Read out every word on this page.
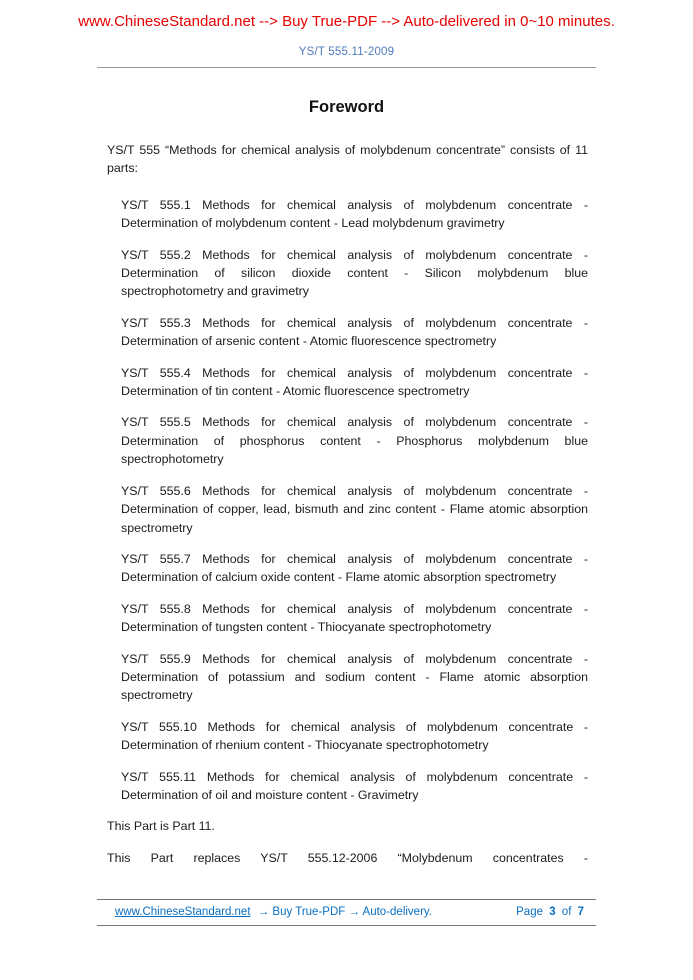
www.ChineseStandard.net --> Buy True-PDF --> Auto-delivered in 0~10 minutes.
YS/T 555.11-2009
Foreword

YS/T 555 “Methods for chemical analysis of molybdenum concentrate” consists of 11 parts:

YS/T 555.1 Methods for chemical analysis of molybdenum concentrate - Determination of molybdenum content - Lead molybdenum gravimetry

YS/T 555.2 Methods for chemical analysis of molybdenum concentrate - Determination of silicon dioxide content - Silicon molybdenum blue spectrophotometry and gravimetry

YS/T 555.3 Methods for chemical analysis of molybdenum concentrate - Determination of arsenic content - Atomic fluorescence spectrometry

YS/T 555.4 Methods for chemical analysis of molybdenum concentrate - Determination of tin content - Atomic fluorescence spectrometry

YS/T 555.5 Methods for chemical analysis of molybdenum concentrate - Determination of phosphorus content - Phosphorus molybdenum blue spectrophotometry

YS/T 555.6 Methods for chemical analysis of molybdenum concentrate - Determination of copper, lead, bismuth and zinc content - Flame atomic absorption spectrometry

YS/T 555.7 Methods for chemical analysis of molybdenum concentrate - Determination of calcium oxide content - Flame atomic absorption spectrometry

YS/T 555.8 Methods for chemical analysis of molybdenum concentrate - Determination of tungsten content - Thiocyanate spectrophotometry

YS/T 555.9 Methods for chemical analysis of molybdenum concentrate - Determination of potassium and sodium content - Flame atomic absorption spectrometry

YS/T 555.10 Methods for chemical analysis of molybdenum concentrate - Determination of rhenium content - Thiocyanate spectrophotometry

YS/T 555.11 Methods for chemical analysis of molybdenum concentrate - Determination of oil and moisture content - Gravimetry

This Part is Part 11.

This Part replaces YS/T 555.12-2006 “Molybdenum concentrates -

www.ChineseStandard.net → Buy True-PDF → Auto-delivery.	Page 3 of 7
